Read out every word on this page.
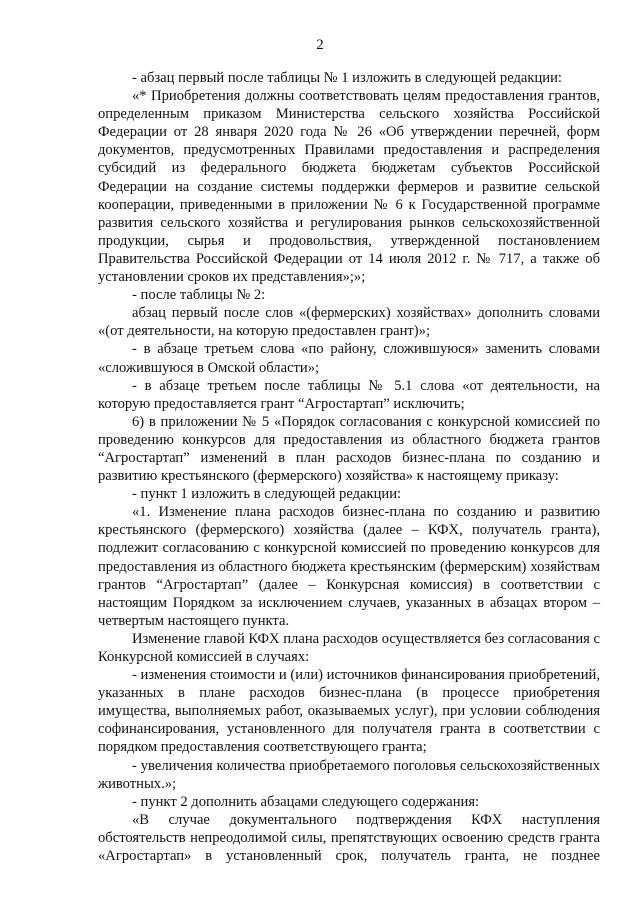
2

- абзац первый после таблицы № 1 изложить в следующей редакции:

«* Приобретения должны соответствовать целям предоставления грантов, определенным приказом Министерства сельского хозяйства Российской Федерации от 28 января 2020 года № 26 «Об утверждении перечней, форм документов, предусмотренных Правилами предоставления и распределения субсидий из федерального бюджета бюджетам субъектов Российской Федерации на создание системы поддержки фермеров и развитие сельской кооперации, приведенными в приложении № 6 к Государственной программе развития сельского хозяйства и регулирования рынков сельскохозяйственной продукции, сырья и продовольствия, утвержденной постановлением Правительства Российской Федерации от 14 июля 2012 г. № 717, а также об установлении сроков их представления»;»;

- после таблицы № 2:

абзац первый после слов «(фермерских) хозяйствах» дополнить словами «(от деятельности, на которую предоставлен грант)»;

- в абзаце третьем слова «по району, сложившуюся» заменить словами «сложившуюся в Омской области»;

- в абзаце третьем после таблицы № 5.1 слова «от деятельности, на которую предоставляется грант “Агростартап” исключить;

6) в приложении № 5 «Порядок согласования с конкурсной комиссией по проведению конкурсов для предоставления из областного бюджета грантов “Агростартап” изменений в план расходов бизнес-плана по созданию и развитию крестьянского (фермерского) хозяйства» к настоящему приказу:

- пункт 1 изложить в следующей редакции:

«1. Изменение плана расходов бизнес-плана по созданию и развитию крестьянского (фермерского) хозяйства (далее – КФХ, получатель гранта), подлежит согласованию с конкурсной комиссией по проведению конкурсов для предоставления из областного бюджета крестьянским (фермерским) хозяйствам грантов “Агростартап” (далее – Конкурсная комиссия) в соответствии с настоящим Порядком за исключением случаев, указанных в абзацах втором – четвертым настоящего пункта.

Изменение главой КФХ плана расходов осуществляется без согласования с Конкурсной комиссией в случаях:

- изменения стоимости и (или) источников финансирования приобретений, указанных в плане расходов бизнес-плана (в процессе приобретения имущества, выполняемых работ, оказываемых услуг), при условии соблюдения софинансирования, установленного для получателя гранта в соответствии с порядком предоставления соответствующего гранта;

- увеличения количества приобретаемого поголовья сельскохозяйственных животных.»;

- пункт 2 дополнить абзацами следующего содержания:

«В случае документального подтверждения КФХ наступления обстоятельств непреодолимой силы, препятствующих освоению средств гранта «Агростартап» в установленный срок, получатель гранта, не позднее
